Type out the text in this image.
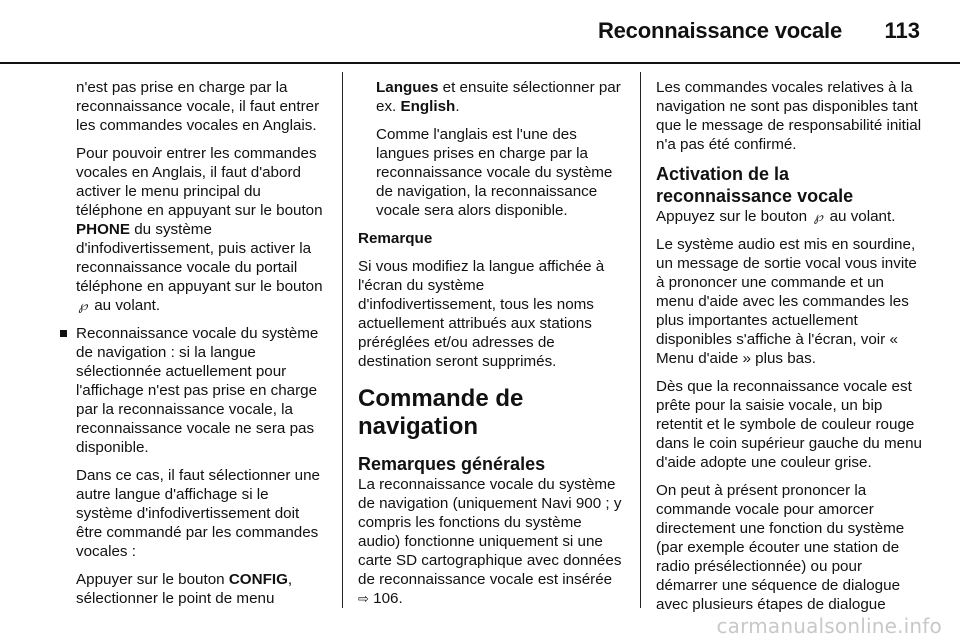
Reconnaissance vocale 113

n'est pas prise en charge par la reconnaissance vocale, il faut entrer les commandes vocales en Anglais.

Pour pouvoir entrer les commandes vocales en Anglais, il faut d'abord activer le menu principal du téléphone en appuyant sur le bouton PHONE du système d'infodivertissement, puis activer la reconnaissance vocale du portail téléphone en appuyant sur le bouton
℘ au volant.

Reconnaissance vocale du système de navigation : si la langue sélectionnée actuellement pour l'affichage n'est pas prise en charge par la reconnaissance vocale, la reconnaissance vocale ne sera pas disponible.

Dans ce cas, il faut sélectionner une autre langue d'affichage si le système d'infodivertissement doit être commandé par les commandes vocales :

Appuyer sur le bouton CONFIG, sélectionner le point de menu

Langues et ensuite sélectionner par ex. English.

Comme l'anglais est l'une des langues prises en charge par la reconnaissance vocale du système de navigation, la reconnaissance vocale sera alors disponible.

Remarque

Si vous modifiez la langue affichée à l'écran du système d'infodivertissement, tous les noms actuellement attribués aux stations préréglées et/ou adresses de destination seront supprimés.

Commande de navigation
Remarques générales

La reconnaissance vocale du système de navigation (uniquement Navi 900 ; y compris les fonctions du système audio) fonctionne uniquement si une carte SD cartographique avec données de reconnaissance vocale est insérée ⇨ 106.

Les commandes vocales relatives à la navigation ne sont pas disponibles tant que le message de responsabilité initial n'a pas été confirmé.

Activation de la reconnaissance vocale

Appuyez sur le bouton ℘ au volant.

Le système audio est mis en sourdine, un message de sortie vocal vous invite à prononcer une commande et un menu d'aide avec les commandes les plus importantes actuellement disponibles s'affiche à l'écran, voir « Menu d'aide » plus bas.

Dès que la reconnaissance vocale est prête pour la saisie vocale, un bip retentit et le symbole de couleur rouge dans le coin supérieur gauche du menu d'aide adopte une couleur grise.

On peut à présent prononcer la commande vocale pour amorcer directement une fonction du système (par exemple écouter une station de radio présélectionnée) ou pour démarrer une séquence de dialogue avec plusieurs étapes de dialogue

carmanualsonline.info
